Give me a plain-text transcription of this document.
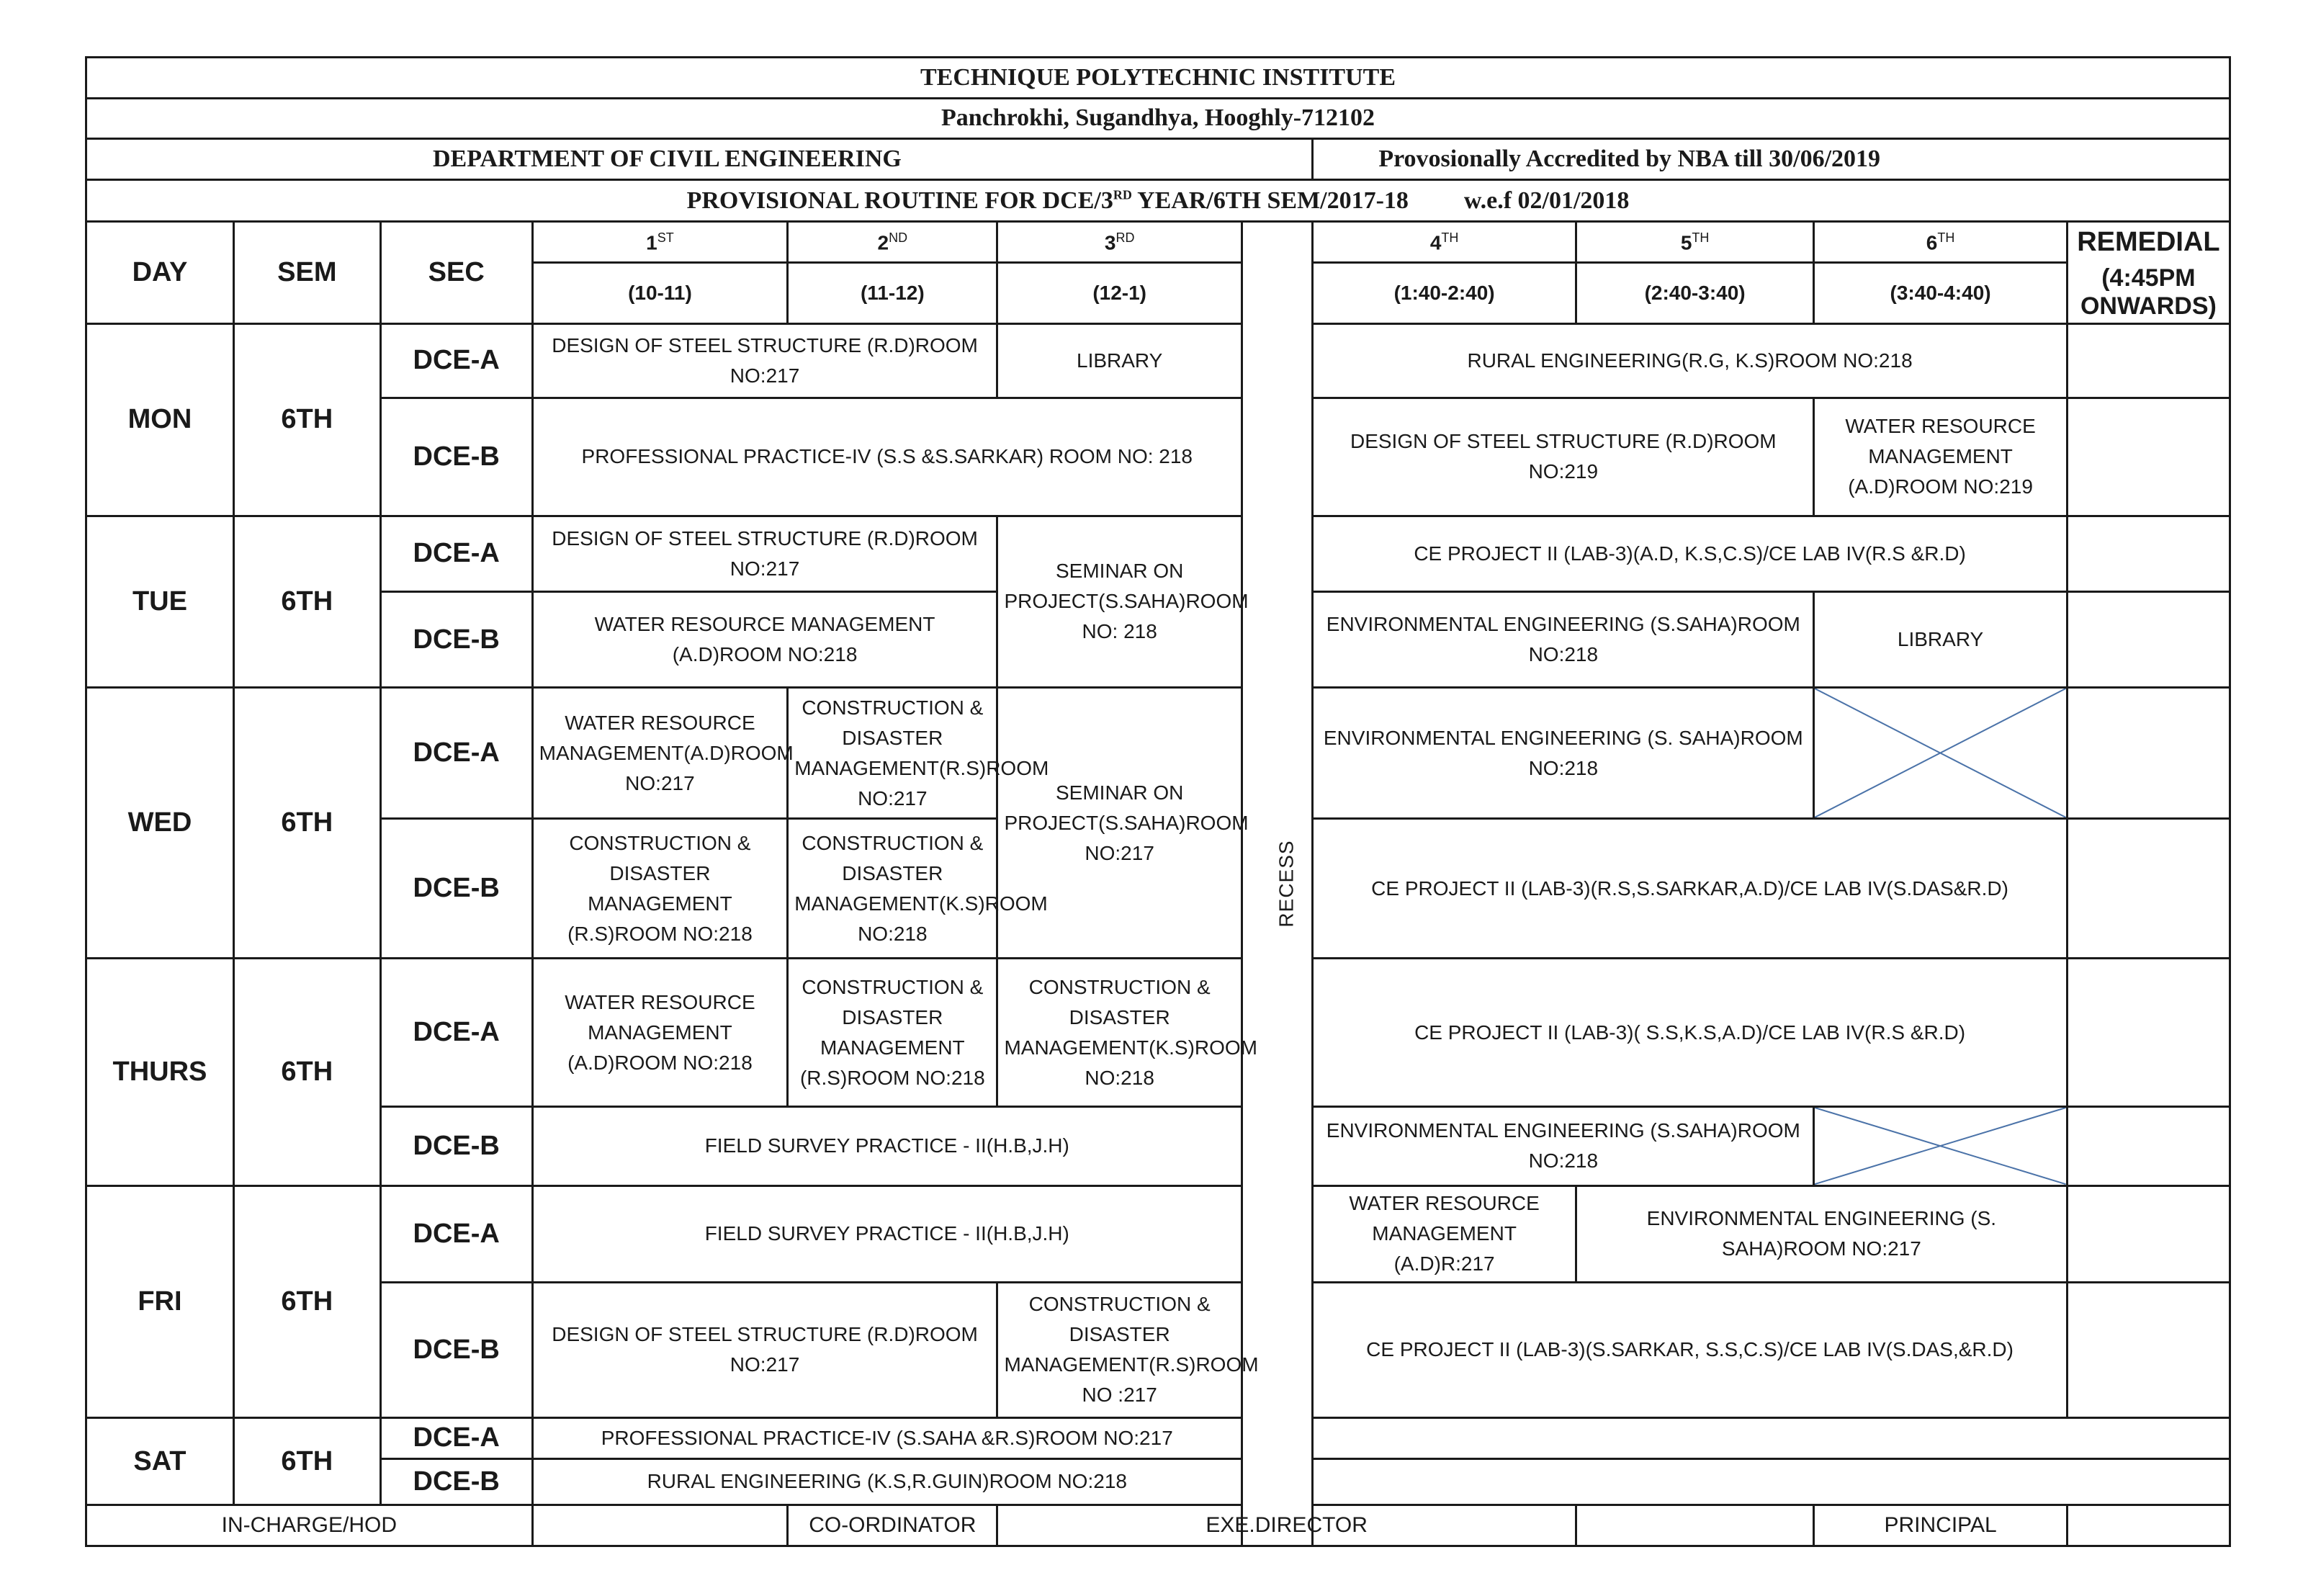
TECHNIQUE POLYTECHNIC INSTITUTE										
Panchrokhi, Sugandhya, Hooghly-712102										
DEPARTMENT OF CIVIL ENGINEERING							Provosionally Accredited by NBA till 30/06/2019			
PROVISIONAL ROUTINE FOR DCE/3RD YEAR/6TH SEM/2017-18 w.e.f 02/01/2018										
DAY	SEM	SEC	1ST	2ND	3RD	RECESS	4TH	5TH	6TH	REMEDIAL
			(10-11)	(11-12)	(12-1)		(1:40-2:40)	(2:40-3:40)	(3:40-4:40)	(4:45PM ONWARDS)
MON	6TH	DCE-A	DESIGN OF STEEL STRUCTURE (R.D)ROOM NO:217		LIBRARY		RURAL ENGINEERING(R.G, K.S)ROOM NO:218			
		DCE-B	PROFESSIONAL PRACTICE-IV (S.S &S.SARKAR) ROOM NO: 218				DESIGN OF STEEL STRUCTURE (R.D)ROOM NO:219		WATER RESOURCE MANAGEMENT (A.D)ROOM NO:219	
TUE	6TH	DCE-A	DESIGN OF STEEL STRUCTURE (R.D)ROOM NO:217		SEMINAR ON PROJECT(S.SAHA)ROOM NO: 218		CE PROJECT II (LAB-3)(A.D, K.S,C.S)/CE LAB IV(R.S &R.D)			
		DCE-B	WATER RESOURCE MANAGEMENT (A.D)ROOM NO:218				ENVIRONMENTAL ENGINEERING (S.SAHA)ROOM NO:218		LIBRARY	
WED	6TH	DCE-A	WATER RESOURCE MANAGEMENT(A.D)ROOM NO:217	CONSTRUCTION & DISASTER MANAGEMENT(R.S)ROOM NO:217	SEMINAR ON PROJECT(S.SAHA)ROOM NO:217		ENVIRONMENTAL ENGINEERING (S. SAHA)ROOM NO:218	

		DCE-B	CONSTRUCTION & DISASTER MANAGEMENT (R.S)ROOM NO:218	CONSTRUCTION & DISASTER MANAGEMENT(K.S)ROOM NO:218			CE PROJECT II (LAB-3)(R.S,S.SARKAR,A.D)/CE LAB IV(S.DAS&R.D)			
THURS	6TH	DCE-A	WATER RESOURCE MANAGEMENT (A.D)ROOM NO:218	CONSTRUCTION & DISASTER MANAGEMENT (R.S)ROOM NO:218	CONSTRUCTION & DISASTER MANAGEMENT(K.S)ROOM NO:218		CE PROJECT II (LAB-3)( S.S,K.S,A.D)/CE LAB IV(R.S &R.D)			
		DCE-B	FIELD SURVEY PRACTICE - II(H.B,J.H)				ENVIRONMENTAL ENGINEERING (S.SAHA)ROOM NO:218	

FRI	6TH	DCE-A	FIELD SURVEY PRACTICE - II(H.B,J.H)				WATER RESOURCE MANAGEMENT (A.D)R:217	ENVIRONMENTAL ENGINEERING (S. SAHA)ROOM NO:217		
		DCE-B	DESIGN OF STEEL STRUCTURE (R.D)ROOM NO:217		CONSTRUCTION & DISASTER MANAGEMENT(R.S)ROOM NO :217		CE PROJECT II (LAB-3)(S.SARKAR, S.S,C.S)/CE LAB IV(S.DAS,&R.D)			
SAT	6TH	DCE-A	PROFESSIONAL PRACTICE-IV (S.SAHA &R.S)ROOM NO:217							
		DCE-B	RURAL ENGINEERING (K.S,R.GUIN)ROOM NO:218							
IN-CHARGE/HOD				CO-ORDINATOR	EXE.DIRECTOR				PRINCIPAL	
